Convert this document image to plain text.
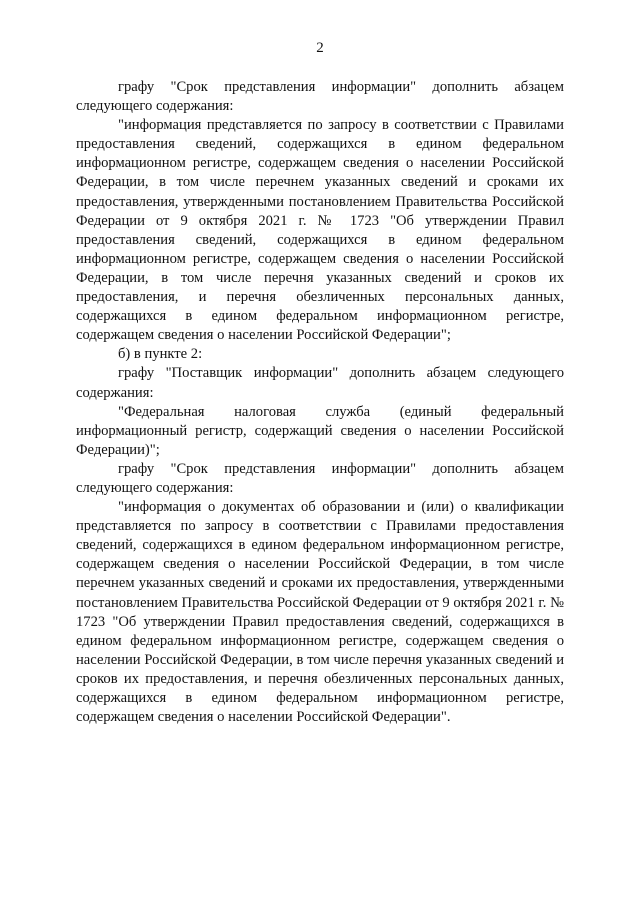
2

графу "Срок представления информации" дополнить абзацем следующего содержания:

"информация представляется по запросу в соответствии с Правилами предоставления сведений, содержащихся в едином федеральном информационном регистре, содержащем сведения о населении Российской Федерации, в том числе перечнем указанных сведений и сроками их предоставления, утвержденными постановлением Правительства Российской Федерации от 9 октября 2021 г. № 1723 "Об утверждении Правил предоставления сведений, содержащихся в едином федеральном информационном регистре, содержащем сведения о населении Российской Федерации, в том числе перечня указанных сведений и сроков их предоставления, и перечня обезличенных персональных данных, содержащихся в едином федеральном информационном регистре, содержащем сведения о населении Российской Федерации";

б) в пункте 2:

графу "Поставщик информации" дополнить абзацем следующего содержания:

"Федеральная налоговая служба (единый федеральный информационный регистр, содержащий сведения о населении Российской Федерации)";

графу "Срок представления информации" дополнить абзацем следующего содержания:

"информация о документах об образовании и (или) о квалификации представляется по запросу в соответствии с Правилами предоставления сведений, содержащихся в едином федеральном информационном регистре, содержащем сведения о населении Российской Федерации, в том числе перечнем указанных сведений и сроками их предоставления, утвержденными постановлением Правительства Российской Федерации от 9 октября 2021 г. № 1723 "Об утверждении Правил предоставления сведений, содержащихся в едином федеральном информационном регистре, содержащем сведения о населении Российской Федерации, в том числе перечня указанных сведений и сроков их предоставления, и перечня обезличенных персональных данных, содержащихся в едином федеральном информационном регистре, содержащем сведения о населении Российской Федерации".
